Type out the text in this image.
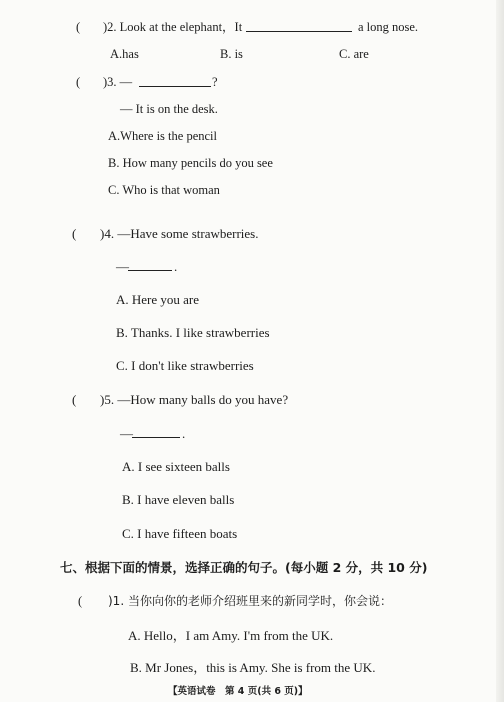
( )2. Look at the elephant，It	a long nose.
A.has	B. is	C. are
( )3. —	?
— It is on the desk.
A.Where is the pencil
B. How many pencils do you see
C. Who is that woman
( )4. —Have some strawberries.
—	.
A. Here you are
B. Thanks. I like strawberries
C. I don't like strawberries
( )5. —How many balls do you have?
—	.
A. I see sixteen balls
B. I have eleven balls
C. I have fifteen boats
七、根据下面的情景，选择正确的句子。(每小题 2 分，共 10 分)
( )1. 当你向你的老师介绍班里来的新同学时，你会说：
A. Hello，I am Amy. I'm from the UK.
B. Mr Jones，this is Amy. She is from the UK.
【英语试卷　第 4 页(共 6 页)】
